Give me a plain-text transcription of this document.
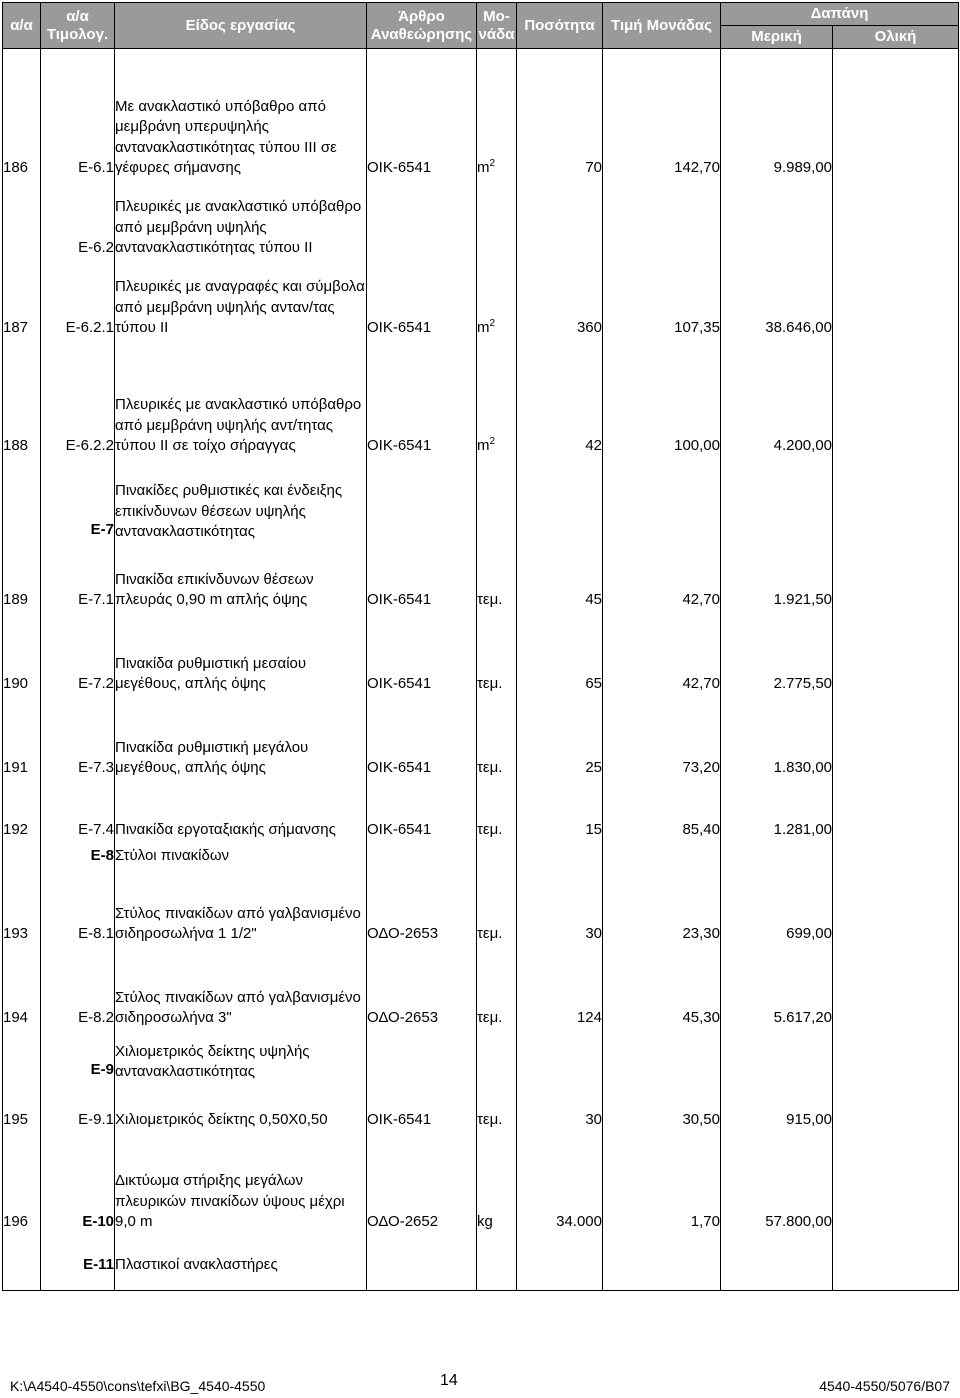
α/α	α/α Τιμολογ.	Είδος εργασίας	Άρθρο Αναθεώρησης	Μο-νάδα	Ποσότητα	Τιμή Μονάδας	Δαπάνη	
							Μερική	Ολική
186	Ε-6.1	Με ανακλαστικό υπόβαθρο από μεμβράνη υπερυψηλής αντανακλαστικότητας τύπου ΙΙΙ σε γέφυρες σήμανσης	ΟΙΚ-6541	$m^2$	70	142,70	9.989,00	
	Ε-6.2	Πλευρικές με ανακλαστικό υπόβαθρο από μεμβράνη υψηλής αντανακλαστικότητας τύπου ΙΙ						
187	Ε-6.2.1	Πλευρικές με αναγραφές και σύμβολα από μεμβράνη υψηλής ανταν/τας τύπου ΙΙ	ΟΙΚ-6541	$m^2$	360	107,35	38.646,00	
188	Ε-6.2.2	Πλευρικές με ανακλαστικό υπόβαθρο από μεμβράνη υψηλής αντ/τητας τύπου ΙΙ σε τοίχο σήραγγας	ΟΙΚ-6541	$m^2$	42	100,00	4.200,00	
	Ε-7	Πινακίδες ρυθμιστικές και ένδειξης επικίνδυνων θέσεων υψηλής αντανακλαστικότητας						
189	Ε-7.1	Πινακίδα επικίνδυνων θέσεων πλευράς 0,90 m απλής όψης	ΟΙΚ-6541	τεμ.	45	42,70	1.921,50	
190	Ε-7.2	Πινακίδα ρυθμιστική μεσαίου μεγέθους, απλής όψης	ΟΙΚ-6541	τεμ.	65	42,70	2.775,50	
191	Ε-7.3	Πινακίδα ρυθμιστική μεγάλου μεγέθους, απλής όψης	ΟΙΚ-6541	τεμ.	25	73,20	1.830,00	
192	Ε-7.4	Πινακίδα εργοταξιακής σήμανσης	ΟΙΚ-6541	τεμ.	15	85,40	1.281,00	
	Ε-8	Στύλοι πινακίδων						
193	Ε-8.1	Στύλος πινακίδων από γαλβανισμένο σιδηροσωλήνα 1 1/2"	ΟΔΟ-2653	τεμ.	30	23,30	699,00	
194	Ε-8.2	Στύλος πινακίδων από γαλβανισμένο σιδηροσωλήνα 3"	ΟΔΟ-2653	τεμ.	124	45,30	5.617,20	
	Ε-9	Χιλιομετρικός δείκτης υψηλής αντανακλαστικότητας						
195	Ε-9.1	Χιλιομετρικός δείκτης 0,50Χ0,50	ΟΙΚ-6541	τεμ.	30	30,50	915,00	
196	Ε-10	Δικτύωμα στήριξης μεγάλων πλευρικών πινακίδων ύψους μέχρι 9,0 m	ΟΔΟ-2652	kg	34.000	1,70	57.800,00	
	Ε-11	Πλαστικοί ανακλαστήρες						
K:\A4540-4550\cons\tefxi\BG_4540-4550	14	4540-4550/5076/B07
